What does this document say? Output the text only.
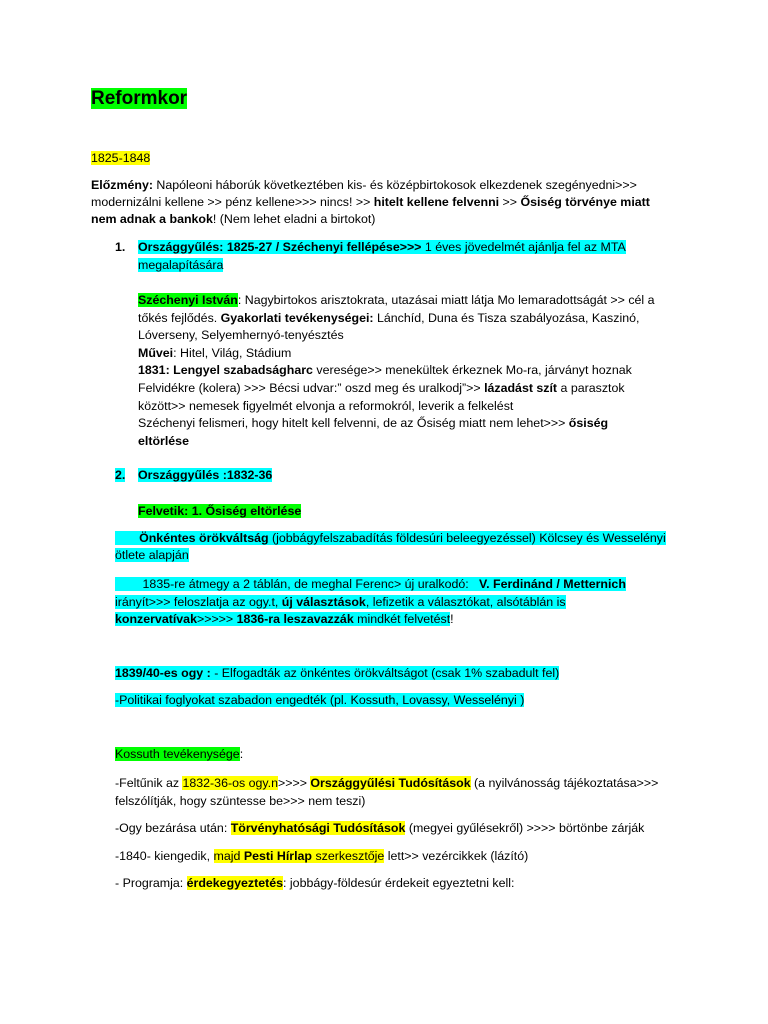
Reformkor
1825-1848
Előzmény: Napóleoni háborúk következtében kis- és középbirtokosok elkezdenek szegényedni>>>
modernizálni kellene >> pénz kellene>>> nincs! >> hitelt kellene felvenni >> Ősiség törvénye miatt
nem adnak a bankok! (Nem lehet eladni a birtokot)
1. Országgyűlés: 1825-27 / Széchenyi fellépése>>> 1 éves jövedelmét ajánlja fel az MTA
megalapítására
Széchenyi István: Nagybirtokos arisztokrata, utazásai miatt látja Mo lemaradottságát >> cél a
tőkés fejlődés. Gyakorlati tevékenységei: Lánchíd, Duna és Tisza szabályozása, Kaszinó,
Lóverseny, Selyemhernyó-tenyésztés
Művei: Hitel, Világ, Stádium
1831: Lengyel szabadságharc veresége>> menekültek érkeznek Mo-ra, járványt hoznak
Felvidékre (kolera) >>> Bécsi udvar:” oszd meg és uralkodj”>> lázadást szít a parasztok
között>> nemesek figyelmét elvonja a reformokról, leverik a felkelést
Széchenyi felismeri, hogy hitelt kell felvenni, de az Ősiség miatt nem lehet>>> ősiség
eltörlése
2. Országgyűlés :1832-36
Felvetik: 1. Ősiség eltörlése
Önkéntes örökváltság (jobbágyfelszabadítás földesúri beleegyezéssel) Kölcsey és Wesselényi
ötlete alapján
1835-re átmegy a 2 táblán, de meghal Ferenc> új uralkodó:   V. Ferdinánd / Metternich
irányít>>> feloszlatja az ogy.t, új választások, lefizetik a választókat, alsótáblán is
konzervatívak>>>>> 1836-ra leszavazzák mindkét felvetést!
1839/40-es ogy : - Elfogadták az önkéntes örökváltságot (csak 1% szabadult fel)
-Politikai foglyokat szabadon engedték (pl. Kossuth, Lovassy, Wesselényi )
Kossuth tevékenysége:
-Feltűnik az 1832-36-os ogy.n>>>> Országgyűlési Tudósítások (a nyilvánosság tájékoztatása>>>
felszólítják, hogy szüntesse be>>> nem teszi)
-Ogy bezárása után: Törvényhatósági Tudósítások (megyei gyűlésekről) >>>> börtönbe zárják
-1840- kiengedik, majd Pesti Hírlap szerkesztője lett>> vezércikkek (lázító)
- Programja: érdekegyeztetés: jobbágy-földesúr érdekeit egyeztetni kell:
